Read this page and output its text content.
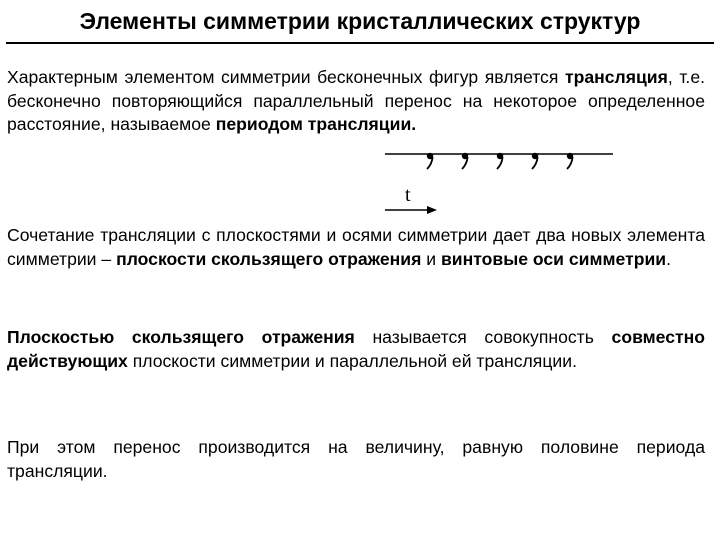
Элементы симметрии кристаллических структур

Характерным элементом симметрии бесконечных фигур является трансляция, т.е. бесконечно повторяющийся параллельный перенос на некоторое определенное расстояние, называемое периодом трансляции.

t

Сочетание трансляции с плоскостями и осями симметрии дает два новых элемента симметрии – плоскости скользящего отражения и винтовые оси симметрии.

Плоскостью скользящего отражения называется совокупность совместно действующих плоскости симметрии и параллельной ей трансляции.

При этом перенос производится на величину, равную половине периода трансляции.
